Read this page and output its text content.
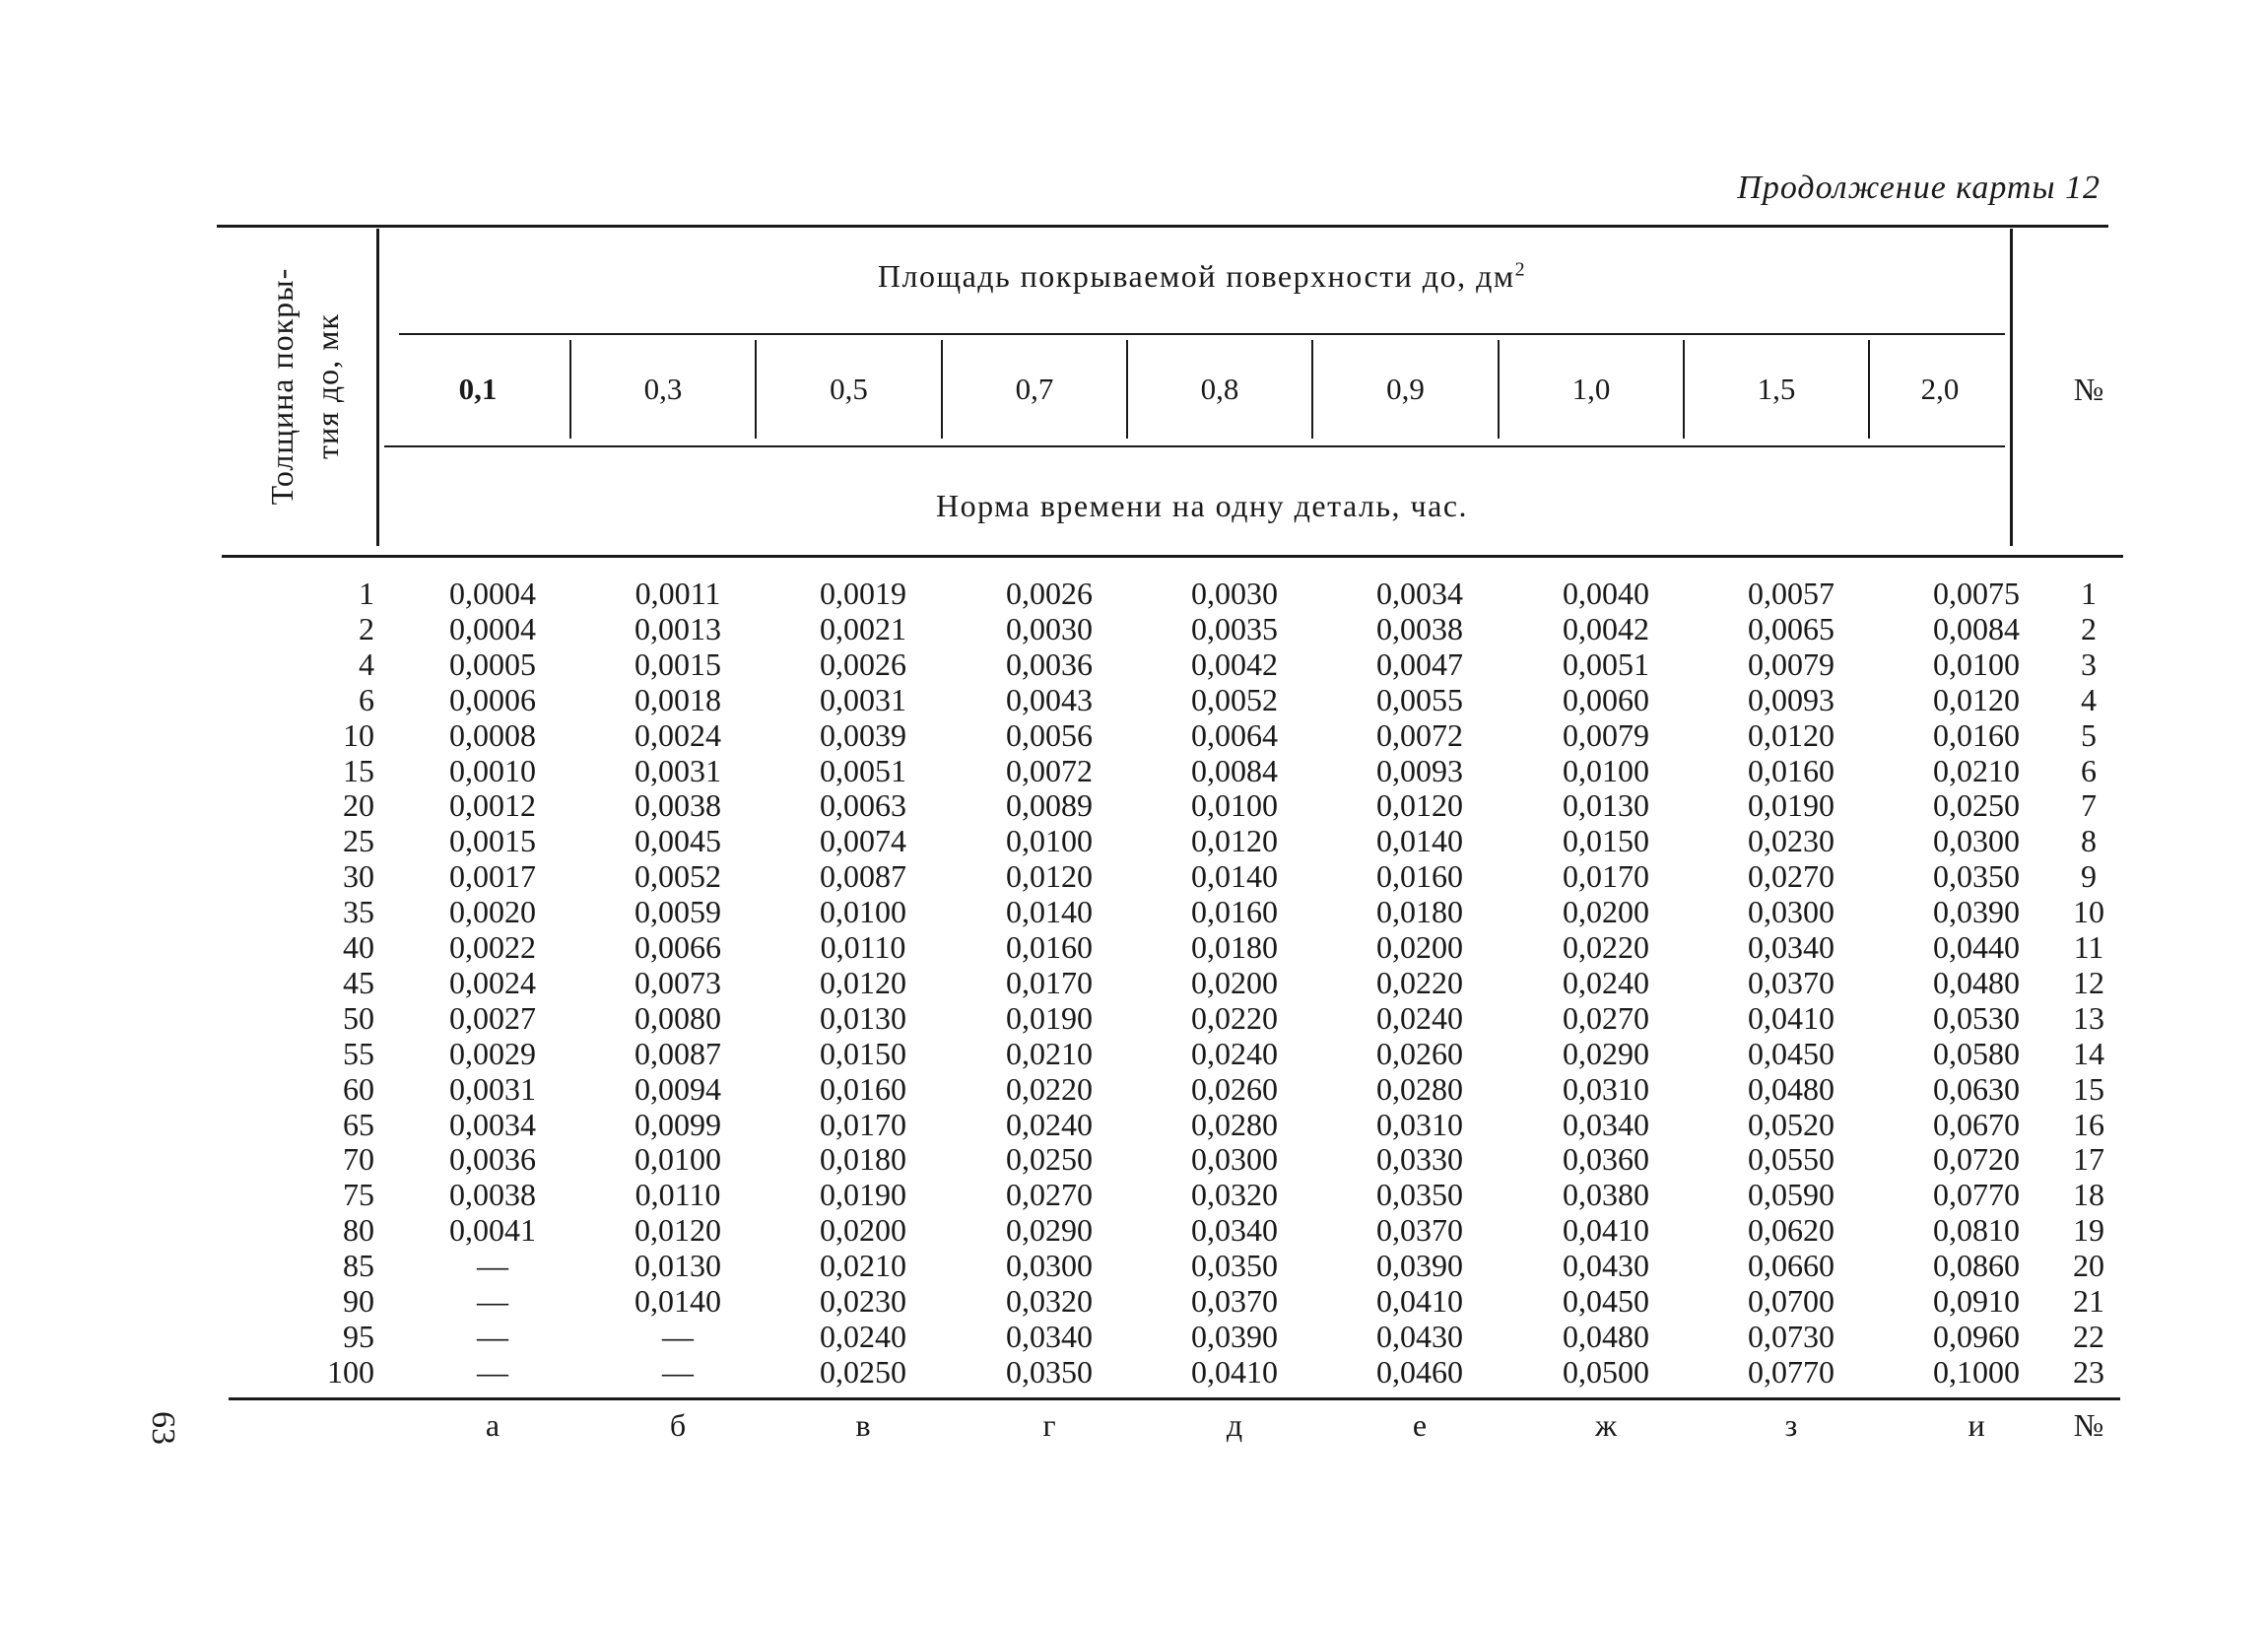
Продолжение карты 12
Толщина покры- тия до, мк
Площадь покрываемой поверхности до, $дм^2$
0,1	0,3	0,5	0,7	0,8	0,9	1,0	1,5	2,0	№
Норма времени на одну деталь, час.
1	0,0004	0,0011	0,0019	0,0026	0,0030	0,0034	0,0040	0,0057	0,0075	1
2	0,0004	0,0013	0,0021	0,0030	0,0035	0,0038	0,0042	0,0065	0,0084	2
4	0,0005	0,0015	0,0026	0,0036	0,0042	0,0047	0,0051	0,0079	0,0100	3
6	0,0006	0,0018	0,0031	0,0043	0,0052	0,0055	0,0060	0,0093	0,0120	4
10	0,0008	0,0024	0,0039	0,0056	0,0064	0,0072	0,0079	0,0120	0,0160	5
15	0,0010	0,0031	0,0051	0,0072	0,0084	0,0093	0,0100	0,0160	0,0210	6
20	0,0012	0,0038	0,0063	0,0089	0,0100	0,0120	0,0130	0,0190	0,0250	7
25	0,0015	0,0045	0,0074	0,0100	0,0120	0,0140	0,0150	0,0230	0,0300	8
30	0,0017	0,0052	0,0087	0,0120	0,0140	0,0160	0,0170	0,0270	0,0350	9
35	0,0020	0,0059	0,0100	0,0140	0,0160	0,0180	0,0200	0,0300	0,0390	10
40	0,0022	0,0066	0,0110	0,0160	0,0180	0,0200	0,0220	0,0340	0,0440	11
45	0,0024	0,0073	0,0120	0,0170	0,0200	0,0220	0,0240	0,0370	0,0480	12
50	0,0027	0,0080	0,0130	0,0190	0,0220	0,0240	0,0270	0,0410	0,0530	13
55	0,0029	0,0087	0,0150	0,0210	0,0240	0,0260	0,0290	0,0450	0,0580	14
60	0,0031	0,0094	0,0160	0,0220	0,0260	0,0280	0,0310	0,0480	0,0630	15
65	0,0034	0,0099	0,0170	0,0240	0,0280	0,0310	0,0340	0,0520	0,0670	16
70	0,0036	0,0100	0,0180	0,0250	0,0300	0,0330	0,0360	0,0550	0,0720	17
75	0,0038	0,0110	0,0190	0,0270	0,0320	0,0350	0,0380	0,0590	0,0770	18
80	0,0041	0,0120	0,0200	0,0290	0,0340	0,0370	0,0410	0,0620	0,0810	19
85	—	0,0130	0,0210	0,0300	0,0350	0,0390	0,0430	0,0660	0,0860	20
90	—	0,0140	0,0230	0,0320	0,0370	0,0410	0,0450	0,0700	0,0910	21
95	—	—	0,0240	0,0340	0,0390	0,0430	0,0480	0,0730	0,0960	22
100	—	—	0,0250	0,0350	0,0410	0,0460	0,0500	0,0770	0,1000	23
а	б	в	г	д	е	ж	з	и	№
63
